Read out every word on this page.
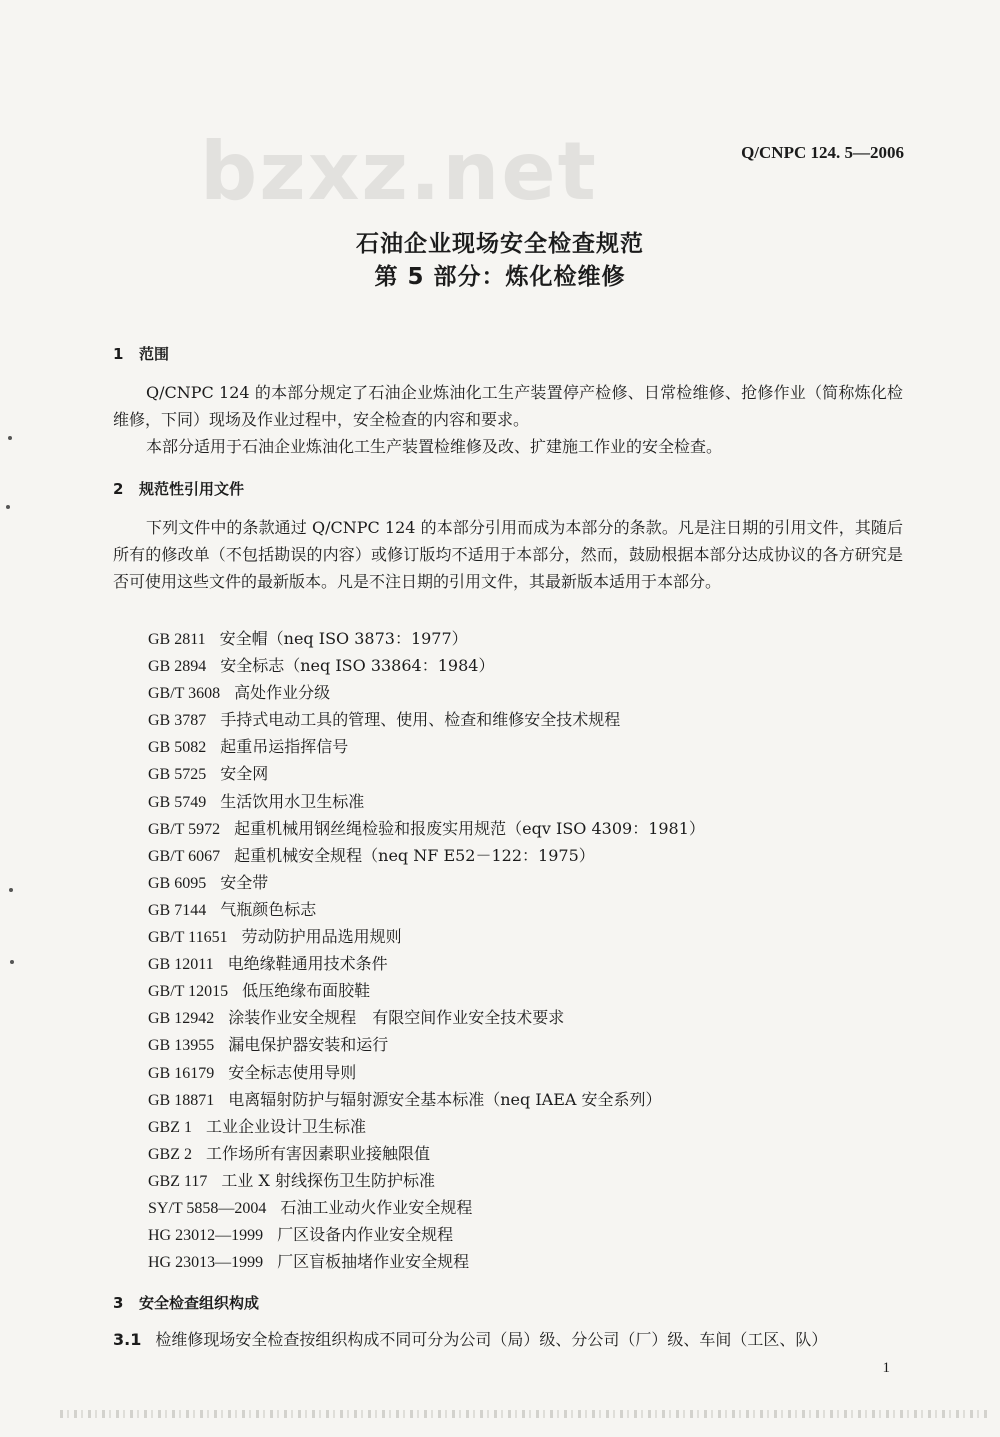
bzxz.net	Q/CNPC 124. 5—2006
石油企业现场安全检查规范
第 5 部分：炼化检维修
1 范围
Q/CNPC 124 的本部分规定了石油企业炼油化工生产装置停产检修、日常检维修、抢修作业（简称炼化检维修，下同）现场及作业过程中，安全检查的内容和要求。
本部分适用于石油企业炼油化工生产装置检维修及改、扩建施工作业的安全检查。
2 规范性引用文件
下列文件中的条款通过 Q/CNPC 124 的本部分引用而成为本部分的条款。凡是注日期的引用文件，其随后所有的修改单（不包括勘误的内容）或修订版均不适用于本部分，然而，鼓励根据本部分达成协议的各方研究是否可使用这些文件的最新版本。凡是不注日期的引用文件，其最新版本适用于本部分。
GB 2811 安全帽（neq ISO 3873：1977）
GB 2894 安全标志（neq ISO 33864：1984）
GB/T 3608 高处作业分级
GB 3787 手持式电动工具的管理、使用、检查和维修安全技术规程
GB 5082 起重吊运指挥信号
GB 5725 安全网
GB 5749 生活饮用水卫生标准
GB/T 5972 起重机械用钢丝绳检验和报废实用规范（eqv ISO 4309：1981）
GB/T 6067 起重机械安全规程（neq NF E52－122：1975）
GB 6095 安全带
GB 7144 气瓶颜色标志
GB/T 11651 劳动防护用品选用规则
GB 12011 电绝缘鞋通用技术条件
GB/T 12015 低压绝缘布面胶鞋
GB 12942 涂装作业安全规程　有限空间作业安全技术要求
GB 13955 漏电保护器安装和运行
GB 16179 安全标志使用导则
GB 18871 电离辐射防护与辐射源安全基本标准（neq IAEA 安全系列）
GBZ 1 工业企业设计卫生标准
GBZ 2 工作场所有害因素职业接触限值
GBZ 117 工业 X 射线探伤卫生防护标准
SY/T 5858—2004 石油工业动火作业安全规程
HG 23012—1999 厂区设备内作业安全规程
HG 23013—1999 厂区盲板抽堵作业安全规程
3 安全检查组织构成
3.1 检维修现场安全检查按组织构成不同可分为公司（局）级、分公司（厂）级、车间（工区、队）
1
